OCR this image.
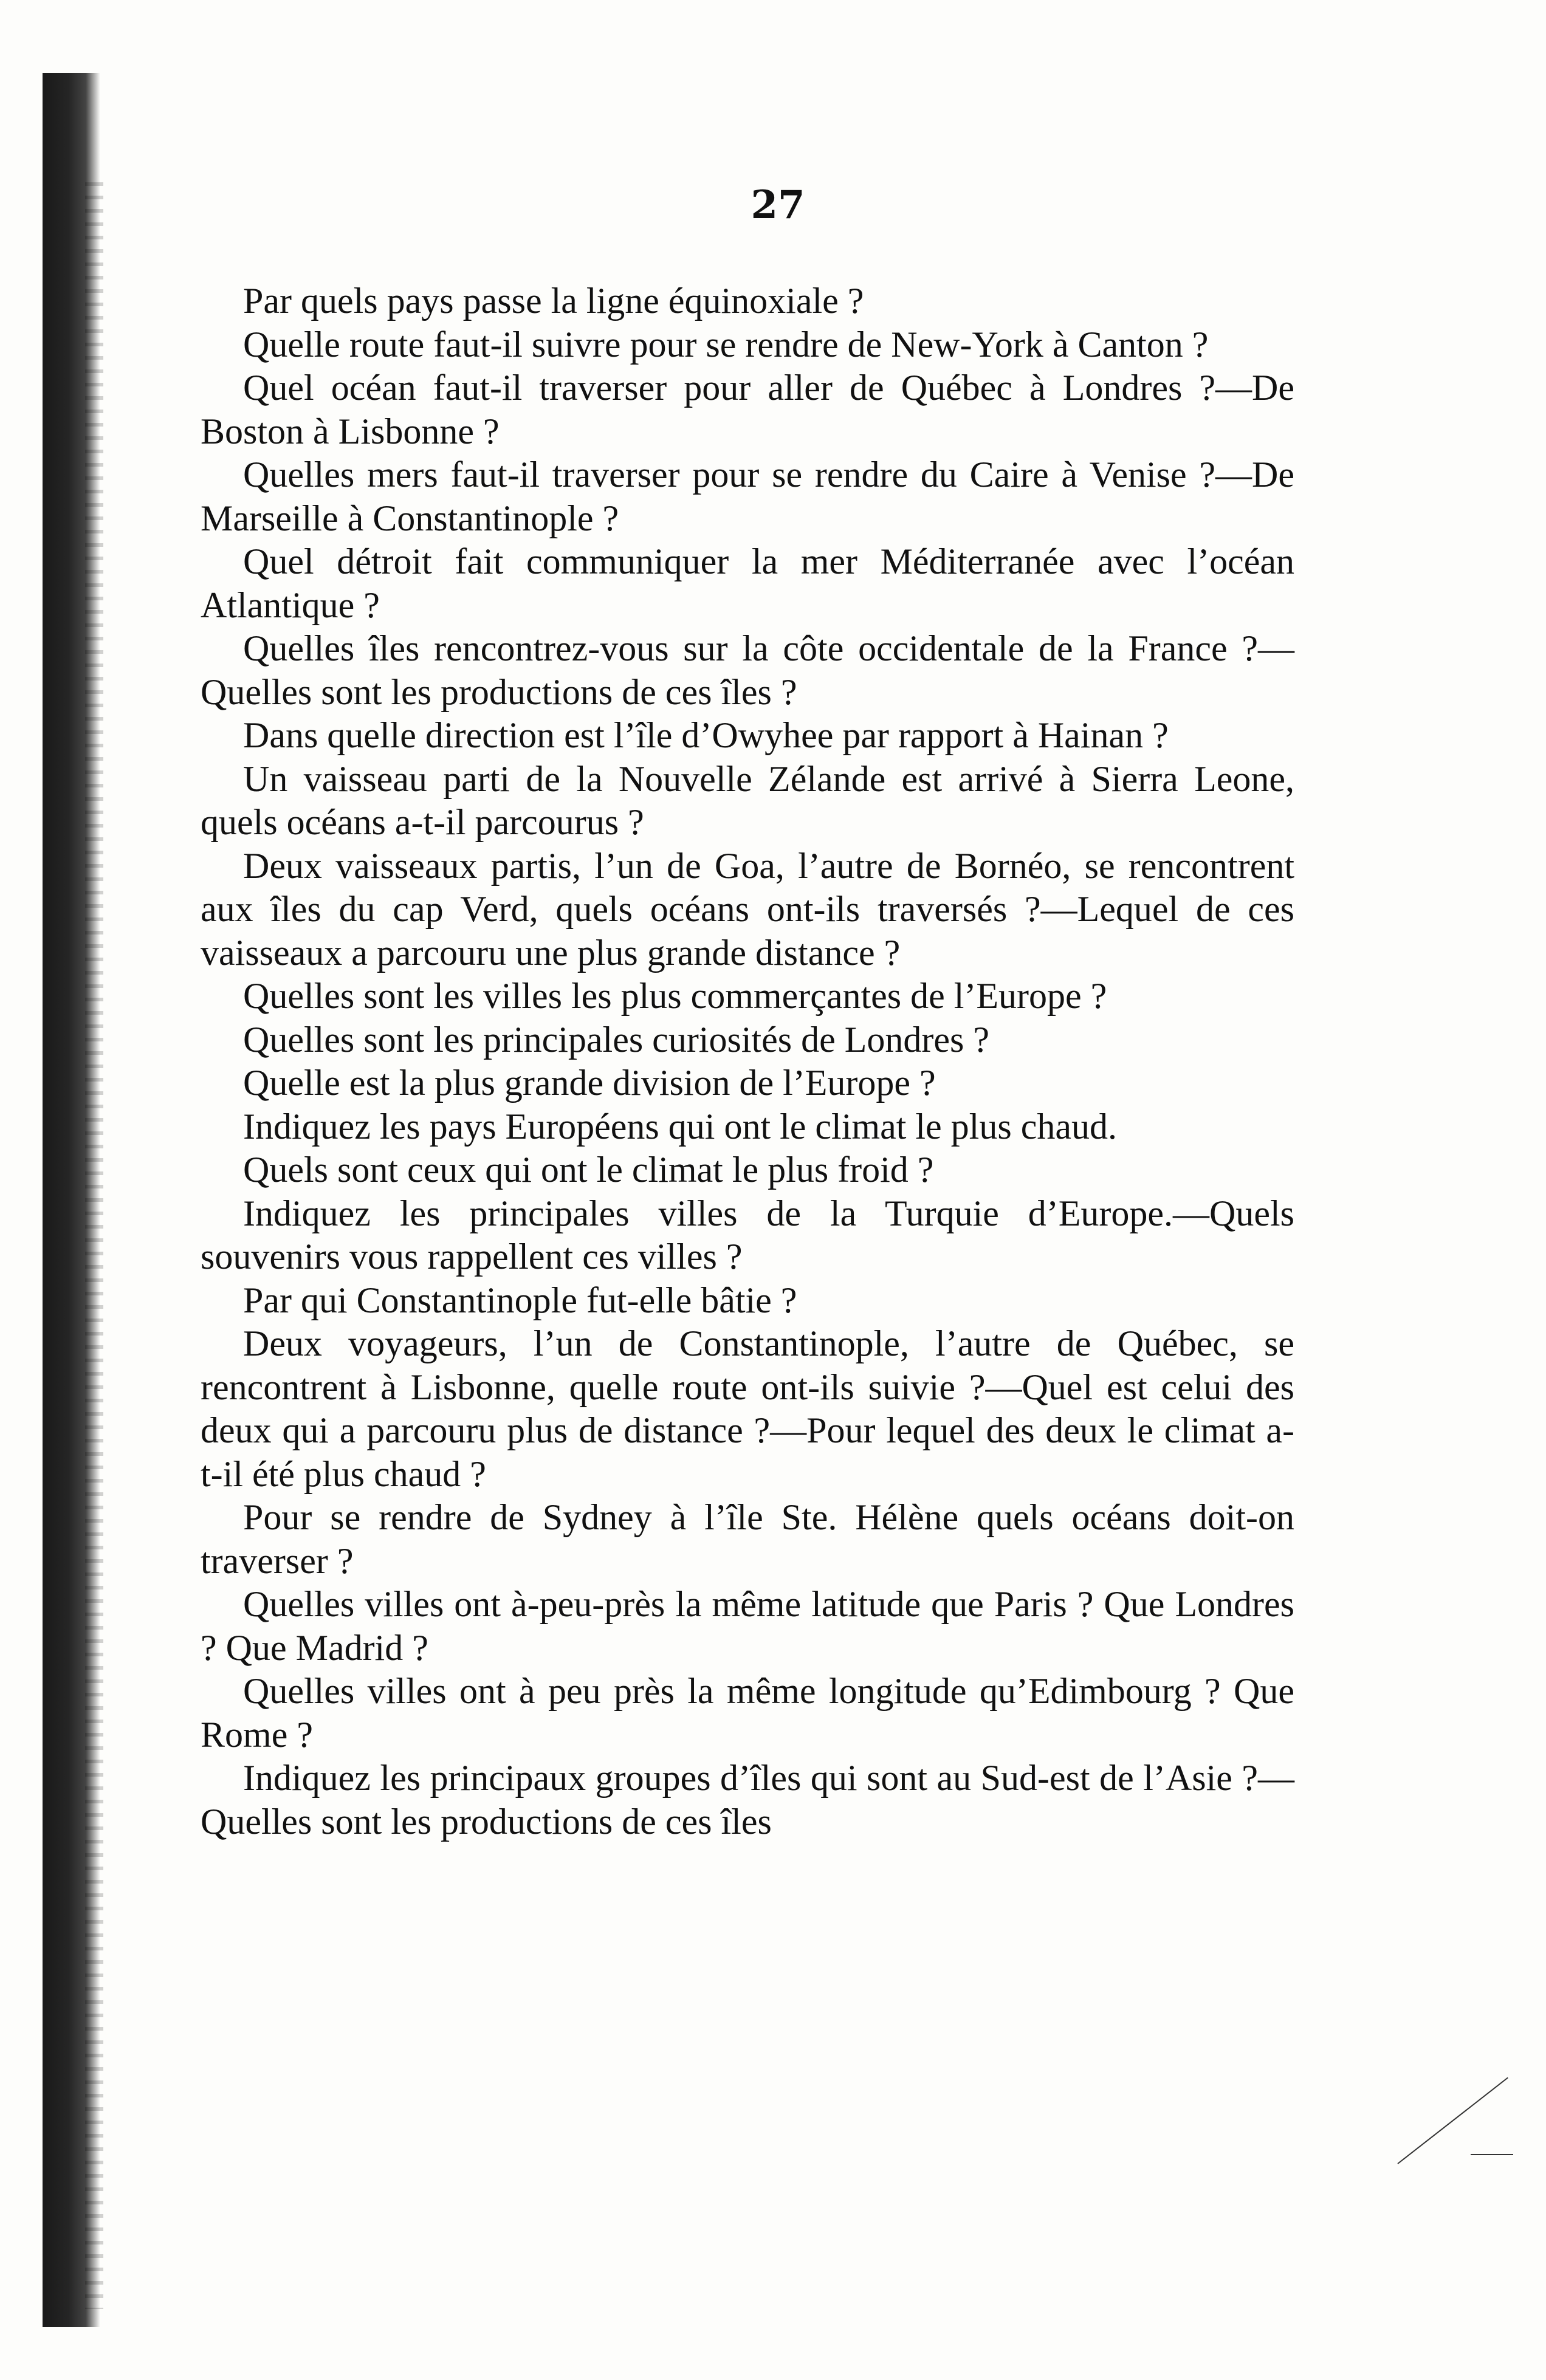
27

Par quels pays passe la ligne équinoxiale ?

Quelle route faut-il suivre pour se rendre de New-York à Canton ?

Quel océan faut-il traverser pour aller de Québec à Londres ?—De Boston à Lisbonne ?

Quelles mers faut-il traverser pour se rendre du Caire à Venise ?—De Marseille à Constantinople ?

Quel détroit fait communiquer la mer Méditerranée avec l’océan Atlantique ?

Quelles îles rencontrez-vous sur la côte occidentale de la France ?—Quelles sont les productions de ces îles ?

Dans quelle direction est l’île d’Owyhee par rapport à Hainan ?

Un vaisseau parti de la Nouvelle Zélande est arrivé à Sierra Leone, quels océans a-t-il parcourus ?

Deux vaisseaux partis, l’un de Goa, l’autre de Bornéo, se rencontrent aux îles du cap Verd, quels océans ont-ils traversés ?—Lequel de ces vaisseaux a parcouru une plus grande distance ?

Quelles sont les villes les plus commerçantes de l’Europe ?

Quelles sont les principales curiosités de Londres ?

Quelle est la plus grande division de l’Europe ?

Indiquez les pays Européens qui ont le climat le plus chaud.

Quels sont ceux qui ont le climat le plus froid ?

Indiquez les principales villes de la Turquie d’Europe.—Quels souvenirs vous rappellent ces villes ?

Par qui Constantinople fut-elle bâtie ?

Deux voyageurs, l’un de Constantinople, l’autre de Québec, se rencontrent à Lisbonne, quelle route ont-ils suivie ?—Quel est celui des deux qui a parcouru plus de distance ?—Pour lequel des deux le climat a-t-il été plus chaud ?

Pour se rendre de Sydney à l’île Ste. Hélène quels océans doit-on traverser ?

Quelles villes ont à-peu-près la même latitude que Paris ? Que Londres ? Que Madrid ?

Quelles villes ont à peu près la même longitude qu’Edimbourg ? Que Rome ?

Indiquez les principaux groupes d’îles qui sont au Sud-est de l’Asie ?—Quelles sont les productions de ces îles
